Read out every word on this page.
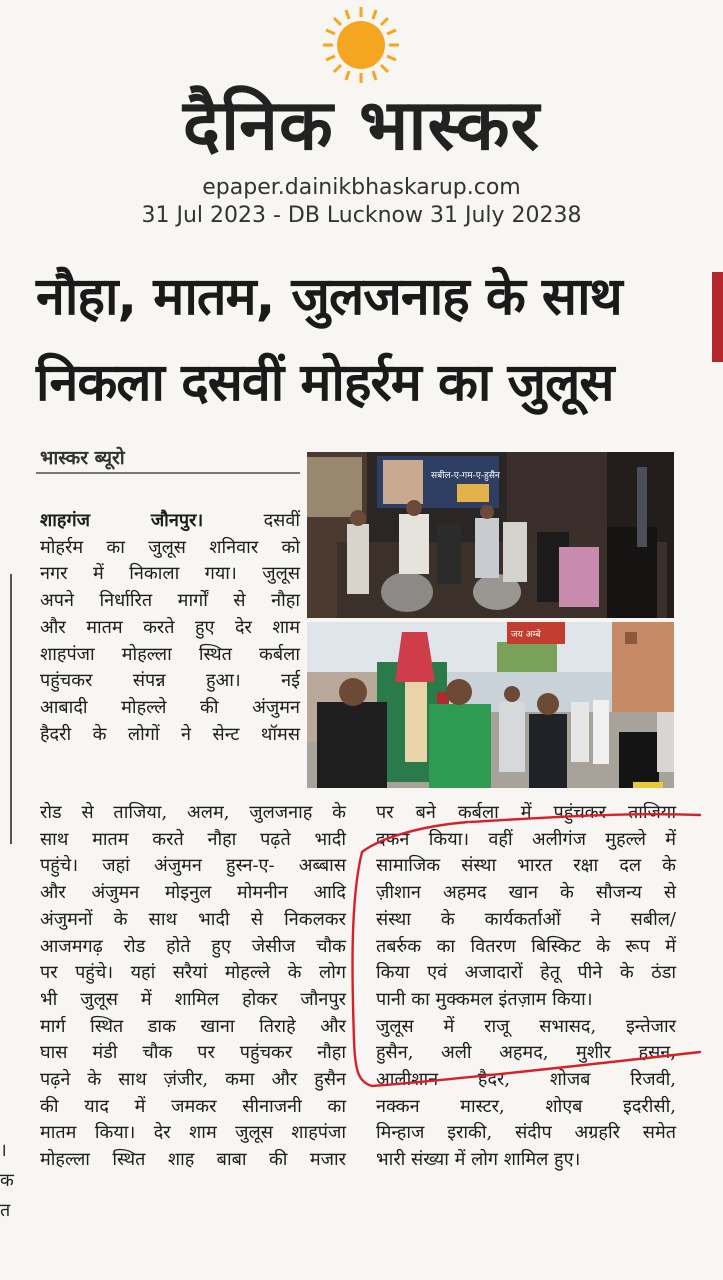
दैनिक भास्कर
epaper.dainikbhaskarup.com
31 Jul 2023 - DB Lucknow 31 July 20238
नौहा, मातम, जुलजनाह के साथ
निकला दसवीं मोहर्रम का जुलूस
भास्कर ब्यूरो
सबील-ए-गम-ए-हुसैन
जय अम्बे
शाहगंज जौनपुर।	दसवीं
मोहर्रम का जुलूस शनिवार को
नगर में निकाला गया। जुलूस
अपने निर्धारित मार्गों से नौहा
और मातम करते हुए देर शाम
शाहपंजा मोहल्ला स्थित कर्बला
पहुंचकर संपन्न हुआ। नई
आबादी मोहल्ले की अंजुमन
हैदरी के लोगों ने सेन्ट थॉमस
रोड से ताजिया, अलम, जुलजनाह के
साथ मातम करते नौहा पढ़ते भादी
पहुंचे। जहां अंजुमन हुस्न-ए- अब्बास
और अंजुमन मोइनुल मोमनीन आदि
अंजुमनों के साथ भादी से निकलकर
आजमगढ़ रोड होते हुए जेसीज चौक
पर पहुंचे। यहां सरैयां मोहल्ले के लोग
भी जुलूस में शामिल होकर जौनपुर
मार्ग स्थित डाक खाना तिराहे और
घास मंडी चौक पर पहुंचकर नौहा
पढ़ने के साथ ज़ंजीर, कमा और हुसैन
की याद में जमकर सीनाजनी का
मातम किया। देर शाम जुलूस शाहपंजा
मोहल्ला स्थित शाह बाबा की मजार
पर बने कर्बला में पहुंचकर ताजिया
दफन किया। वहीं अलीगंज मुहल्ले में
सामाजिक संस्था भारत रक्षा दल के
ज़ीशान अहमद खान के सौजन्य से
संस्था के कार्यकर्ताओं ने सबील/
तबर्रुक का वितरण बिस्किट के रूप में
किया एवं अजादारों हेतू पीने के ठंडा
पानी का मुक्कमल इंतज़ाम किया।
जुलूस में राजू सभासद, इन्तेजार
हुसैन, अली अहमद, मुशीर हसन,
आलीशान हैदर, शोजब रिजवी,
नक्कन मास्टर, शोएब इदरीसी,
मिन्हाज इराकी, संदीप अग्रहरि समेत
भारी संख्या में लोग शामिल हुए।
।
क
त
